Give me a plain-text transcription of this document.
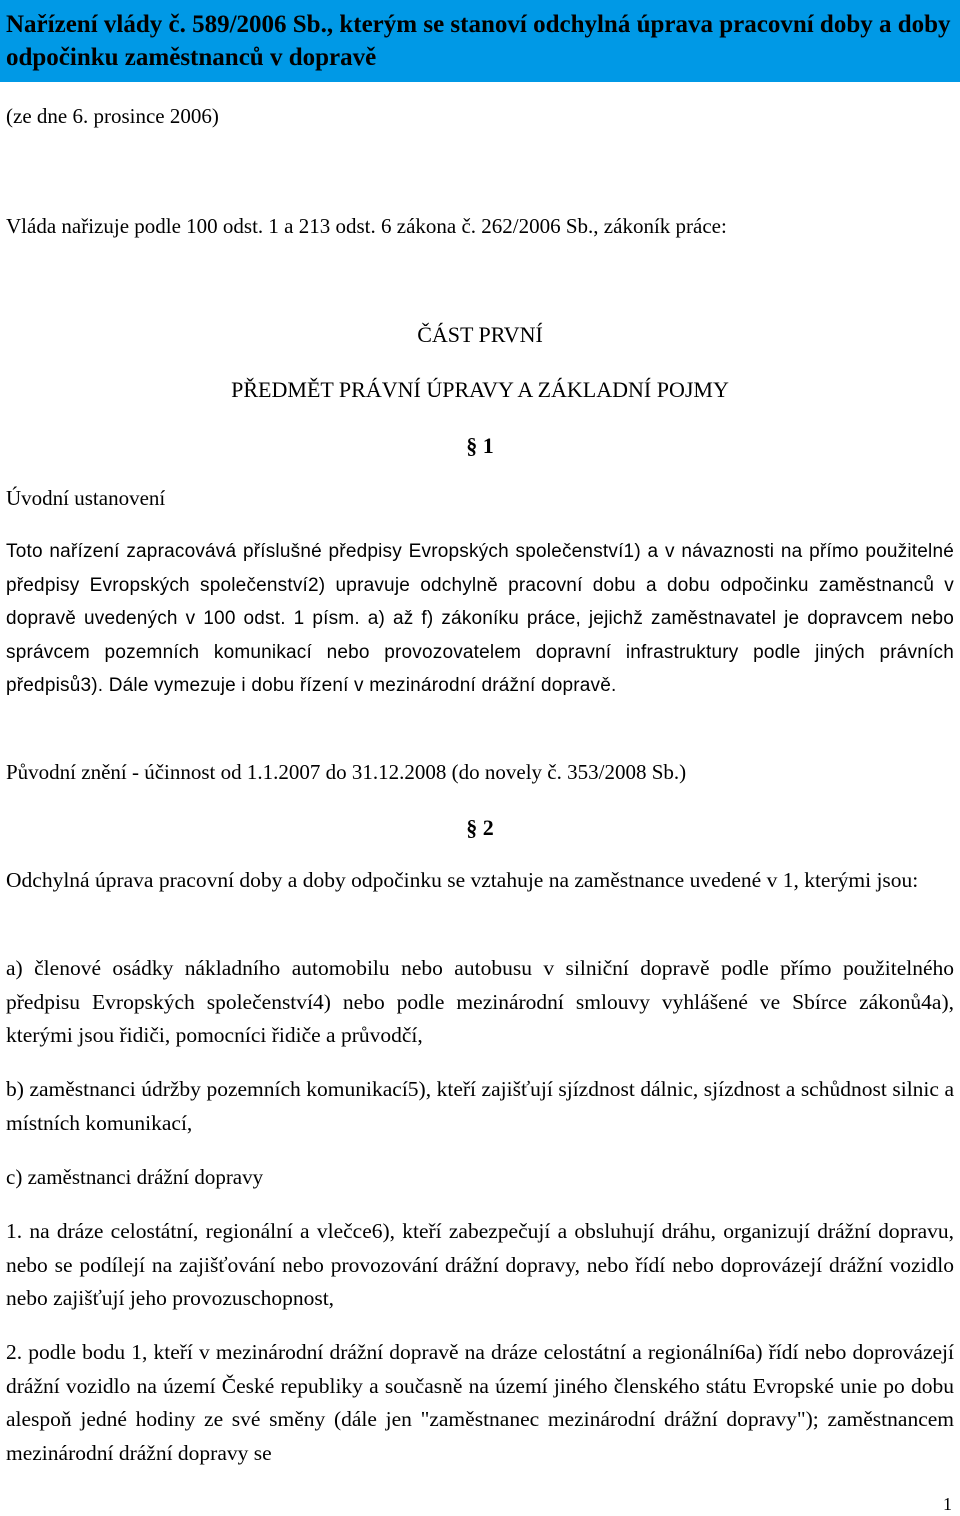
Nařízení vlády č. 589/2006 Sb., kterým se stanoví odchylná úprava pracovní doby a doby odpočinku zaměstnanců v dopravě
(ze dne 6. prosince 2006)
Vláda nařizuje podle 100 odst. 1 a 213 odst. 6 zákona č. 262/2006 Sb., zákoník práce:
ČÁST PRVNÍ
PŘEDMĚT PRÁVNÍ ÚPRAVY A ZÁKLADNÍ POJMY
§ 1
Úvodní ustanovení
Toto nařízení zapracovává příslušné předpisy Evropských společenství1) a v návaznosti na přímo použitelné předpisy Evropských společenství2) upravuje odchylně pracovní dobu a dobu odpočinku zaměstnanců v dopravě uvedených v 100 odst. 1 písm. a) až f) zákoníku práce, jejichž zaměstnavatel je dopravcem nebo správcem pozemních komunikací nebo provozovatelem dopravní infrastruktury podle jiných právních předpisů3). Dále vymezuje i dobu řízení v mezinárodní drážní dopravě.
Původní znění - účinnost od 1.1.2007 do 31.12.2008 (do novely č. 353/2008 Sb.)
§ 2
Odchylná úprava pracovní doby a doby odpočinku se vztahuje na zaměstnance uvedené v 1, kterými jsou:
a) členové osádky nákladního automobilu nebo autobusu v silniční dopravě podle přímo použitelného předpisu Evropských společenství4) nebo podle mezinárodní smlouvy vyhlášené ve Sbírce zákonů4a), kterými jsou řidiči, pomocníci řidiče a průvodčí,
b) zaměstnanci údržby pozemních komunikací5), kteří zajišťují sjízdnost dálnic, sjízdnost a schůdnost silnic a místních komunikací,
c) zaměstnanci drážní dopravy
1. na dráze celostátní, regionální a vlečce6), kteří zabezpečují a obsluhují dráhu, organizují drážní dopravu, nebo se podílejí na zajišťování nebo provozování drážní dopravy, nebo řídí nebo doprovázejí drážní vozidlo nebo zajišťují jeho provozuschopnost,
2. podle bodu 1, kteří v mezinárodní drážní dopravě na dráze celostátní a regionální6a) řídí nebo doprovázejí drážní vozidlo na území České republiky a současně na území jiného členského státu Evropské unie po dobu alespoň jedné hodiny ze své směny (dále jen "zaměstnanec mezinárodní drážní dopravy"); zaměstnancem mezinárodní drážní dopravy se
1
